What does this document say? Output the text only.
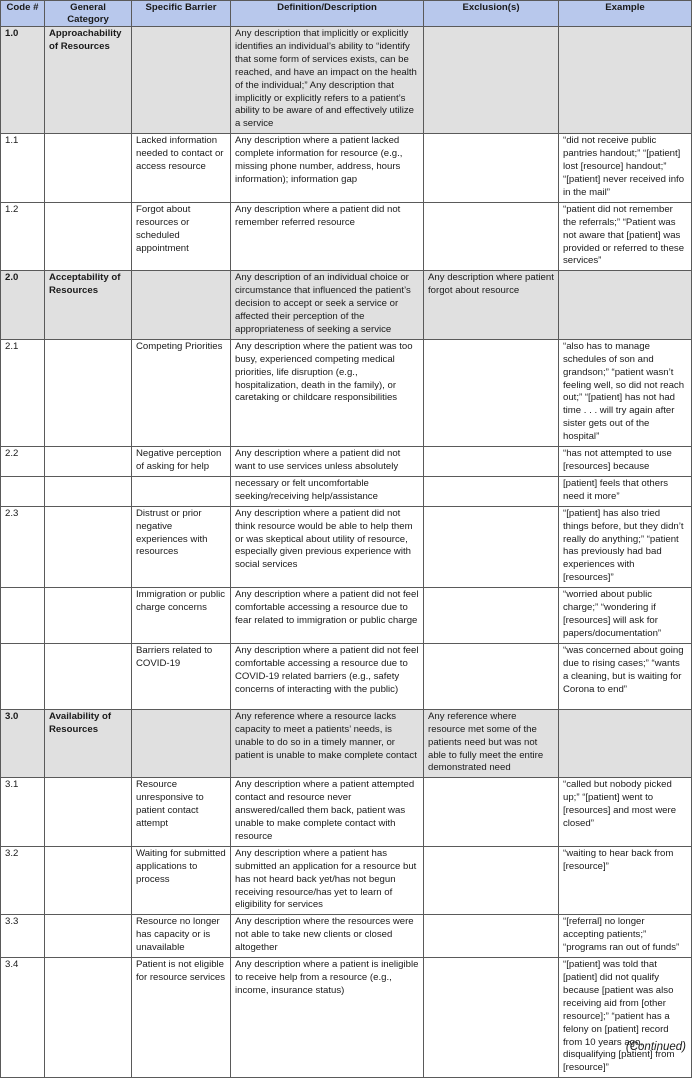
Code #	General Category	Specific Barrier	Definition/Description	Exclusion(s)	Example
1.0	Approachability of Resources		Any description that implicitly or explicitly identifies an individual’s ability to “identify that some form of services exists, can be reached, and have an impact on the health of the individual;” Any description that implicitly or explicitly refers to a patient’s ability to be aware of and effectively utilize a service		
1.1		Lacked information needed to contact or access resource	Any description where a patient lacked complete information for resource (e.g., missing phone number, address, hours information); information gap		“did not receive public pantries handout;” “[patient] lost [resource] handout;” “[patient] never received info in the mail”
1.2		Forgot about resources or scheduled appointment	Any description where a patient did not remember referred resource		“patient did not remember the referrals;” “Patient was not aware that [patient] was provided or referred to these services”
2.0	Acceptability of Resources		Any description of an individual choice or circumstance that influenced the patient’s decision to accept or seek a service or affected their perception of the appropriateness of seeking a service	Any description where patient forgot about resource	
2.1		Competing Priorities	Any description where the patient was too busy, experienced competing medical priorities, life disruption (e.g., hospitalization, death in the family), or caretaking or childcare responsibilities		“also has to manage schedules of son and grandson;” “patient wasn’t feeling well, so did not reach out;” “[patient] has not had time . . . will try again after sister gets out of the hospital”
2.2		Negative perception of asking for help	Any description where a patient did not want to use services unless absolutely		“has not attempted to use [resources] because
			necessary or felt uncomfortable seeking/receiving help/assistance		[patient] feels that others need it more”
2.3		Distrust or prior negative experiences with resources	Any description where a patient did not think resource would be able to help them or was skeptical about utility of resource, especially given previous experience with social services		“[patient] has also tried things before, but they didn’t really do anything;” “patient has previously had bad experiences with [resources]”
		Immigration or public charge concerns	Any description where a patient did not feel comfortable accessing a resource due to fear related to immigration or public charge		“worried about public charge;” “wondering if [resources] will ask for papers/documentation”
		Barriers related to COVID-19	Any description where a patient did not feel comfortable accessing a resource due to COVID-19 related barriers (e.g., safety concerns of interacting with the public)		“was concerned about going due to rising cases;” “wants a cleaning, but is waiting for Corona to end”
3.0	Availability of Resources		Any reference where a resource lacks capacity to meet a patients’ needs, is unable to do so in a timely manner, or patient is unable to make complete contact	Any reference where resource met some of the patients need but was not able to fully meet the entire demonstrated need	
3.1		Resource unresponsive to patient contact attempt	Any description where a patient attempted contact and resource never answered/called them back, patient was unable to make complete contact with resource		“called but nobody picked up;” “[patient] went to [resources] and most were closed”
3.2		Waiting for submitted applications to process	Any description where a patient has submitted an application for a resource but has not heard back yet/has not begun receiving resource/has yet to learn of eligibility for services		“waiting to hear back from [resource]”
3.3		Resource no longer has capacity or is unavailable	Any description where the resources were not able to take new clients or closed altogether		“[referral] no longer accepting patients;” “programs ran out of funds”
3.4		Patient is not eligible for resource services	Any description where a patient is ineligible to receive help from a resource (e.g., income, insurance status)		“[patient] was told that [patient] did not qualify because [patient was also receiving aid from [other resource];” “patient has a felony on [patient] record from 10 years ago, disqualifying [patient] from [resource]”
(Continued)
